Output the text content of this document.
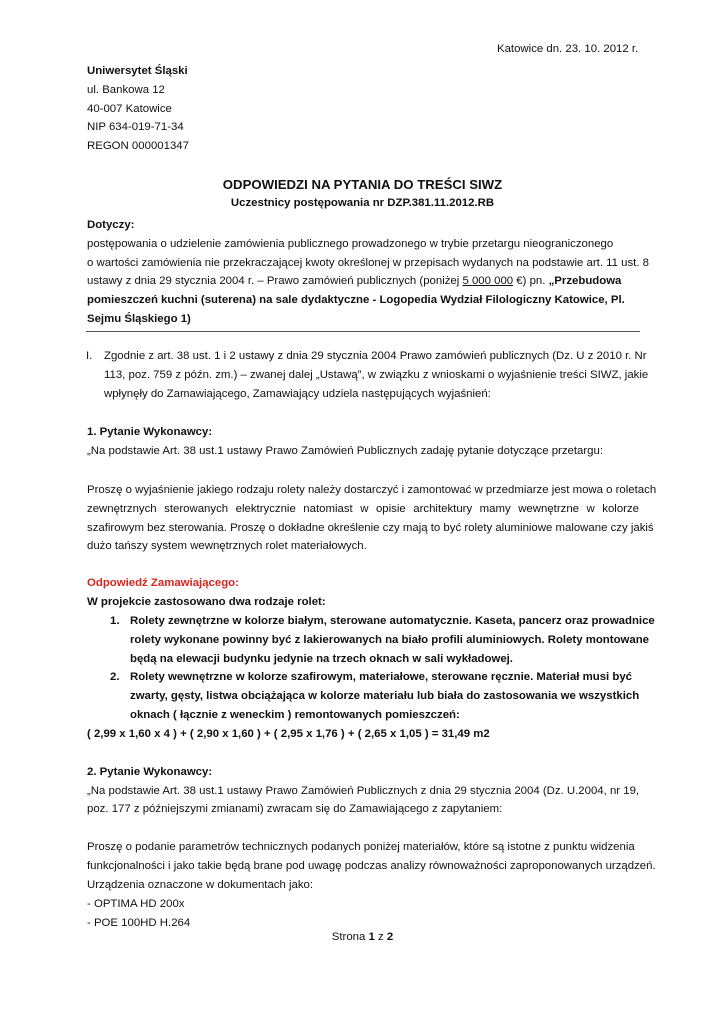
Katowice dn. 23. 10. 2012 r.
Uniwersytet Śląski
ul. Bankowa 12
40-007 Katowice
NIP 634-019-71-34
REGON 000001347
ODPOWIEDZI NA PYTANIA DO TREŚCI SIWZ
Uczestnicy postępowania nr DZP.381.11.2012.RB
Dotyczy:
postępowania o udzielenie zamówienia publicznego prowadzonego w trybie przetargu nieograniczonego
o wartości zamówienia nie przekraczającej kwoty określonej w przepisach wydanych na podstawie art. 11 ust. 8
ustawy z dnia 29 stycznia 2004 r. – Prawo zamówień publicznych (poniżej 5 000 000 €) pn. „Przebudowa
pomieszczeń kuchni (suterena) na sale dydaktyczne - Logopedia Wydział Filologiczny Katowice, Pl.
Sejmu Śląskiego 1)
I. Zgodnie z art. 38 ust. 1 i 2 ustawy z dnia 29 stycznia 2004 Prawo zamówień publicznych (Dz. U z 2010 r. Nr
113, poz. 759 z późn. zm.) – zwanej dalej „Ustawą”, w związku z wnioskami o wyjaśnienie treści SIWZ, jakie
wpłynęły do Zamawiającego, Zamawiający udziela następujących wyjaśnień:
1. Pytanie Wykonawcy:
„Na podstawie Art. 38 ust.1 ustawy Prawo Zamówień Publicznych zadaję pytanie dotyczące przetargu:
Proszę o wyjaśnienie jakiego rodzaju rolety należy dostarczyć i zamontować w przedmiarze jest mowa o roletach
zewnętrznych sterowanych elektrycznie natomiast w opisie architektury mamy wewnętrzne w kolorze
szafirowym bez sterowania. Proszę o dokładne określenie czy mają to być rolety aluminiowe malowane czy jakiś
dużo tańszy system wewnętrznych rolet materiałowych.
Odpowiedź Zamawiającego:
W projekcie zastosowano dwa rodzaje rolet:
1. Rolety zewnętrzne w kolorze białym, sterowane automatycznie. Kaseta, pancerz oraz prowadnice
rolety wykonane powinny być z lakierowanych na biało profili aluminiowych. Rolety montowane
będą na elewacji budynku jedynie na trzech oknach w sali wykładowej.
2. Rolety wewnętrzne w kolorze szafirowym, materiałowe, sterowane ręcznie. Materiał musi być
zwarty, gęsty, listwa obciążająca w kolorze materiału lub biała do zastosowania we wszystkich
oknach ( łącznie z weneckim ) remontowanych pomieszczeń:
( 2,99 x 1,60 x 4 ) + ( 2,90 x 1,60 ) + ( 2,95 x 1,76 ) + ( 2,65 x 1,05 ) = 31,49 m2
2. Pytanie Wykonawcy:
„Na podstawie Art. 38 ust.1 ustawy Prawo Zamówień Publicznych z dnia 29 stycznia 2004 (Dz. U.2004, nr 19,
poz. 177 z późniejszymi zmianami) zwracam się do Zamawiającego z zapytaniem:
Proszę o podanie parametrów technicznych podanych poniżej materiałów, które są istotne z punktu widzenia
funkcjonalności i jako takie będą brane pod uwagę podczas analizy równoważności zaproponowanych urządzeń.
Urządzenia oznaczone w dokumentach jako:
- OPTIMA HD 200x
- POE 100HD H.264
Strona 1 z 2
